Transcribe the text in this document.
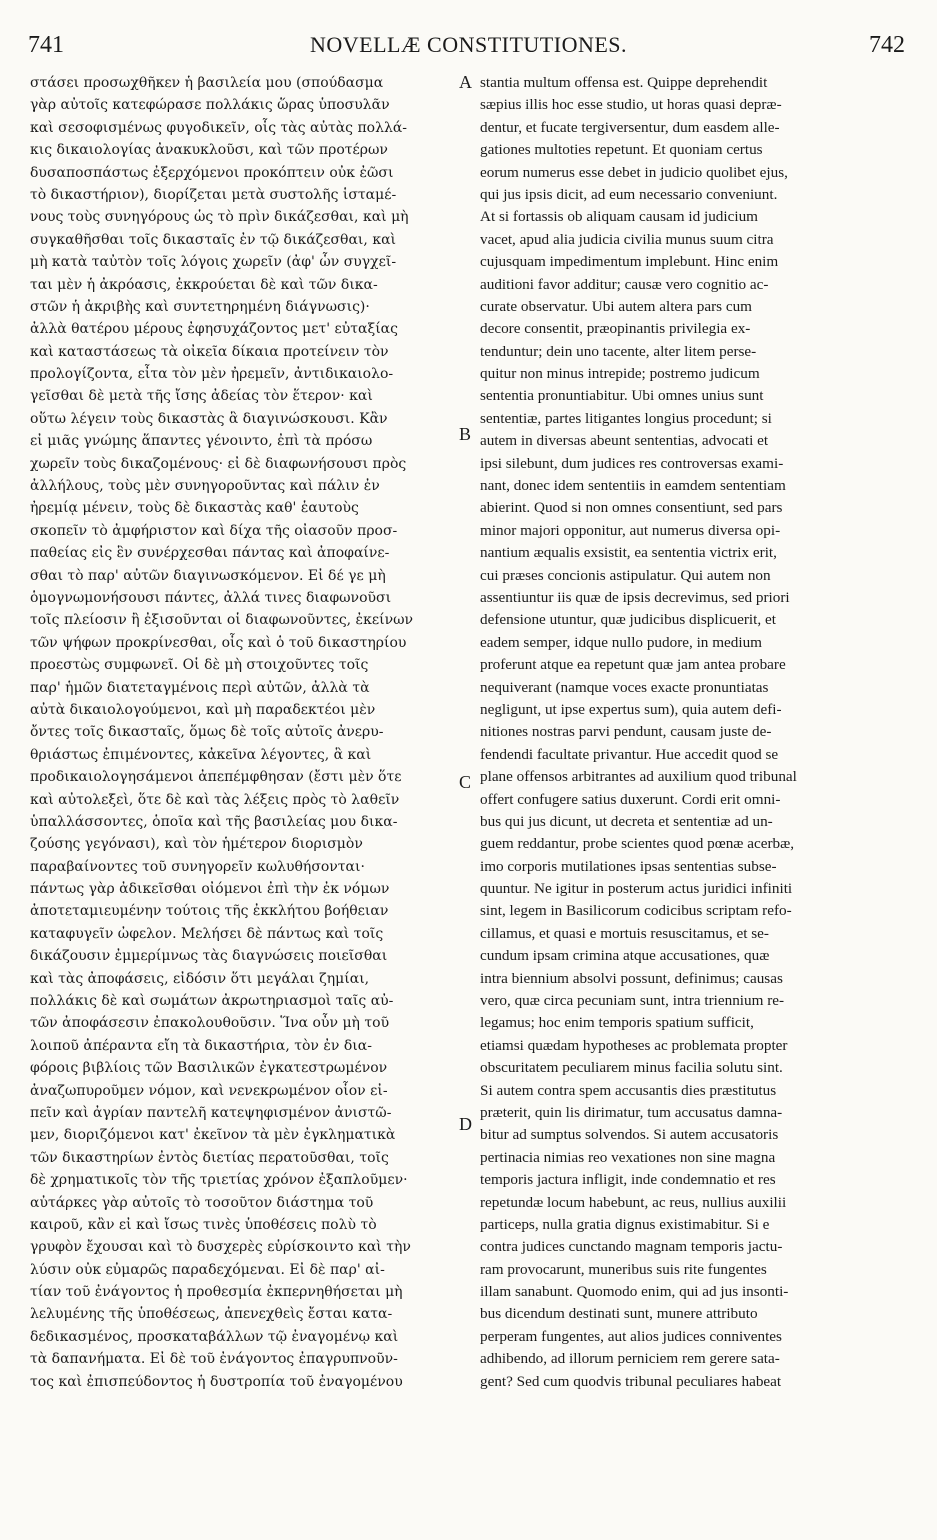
741	NOVELLÆ CONSTITUTIONES.	742
στάσει προσωχθῆκεν ἡ βασιλεία μου (σπούδασμα
γὰρ αὐτοῖς κατεφώρασε πολλάκις ὥρας ὑποσυλᾶν
καὶ σεσοφισμένως φυγοδικεῖν, οἷς τὰς αὐτὰς πολλά-
κις δικαιολογίας ἀνακυκλοῦσι, καὶ τῶν προτέρων
δυσαποσπάστως ἐξερχόμενοι προκόπτειν οὐκ ἐῶσι
τὸ δικαστήριον), διορίζεται μετὰ συστολῆς ἱσταμέ-
νους τοὺς συνηγόρους ὡς τὸ πρὶν δικάζεσθαι, καὶ μὴ
συγκαθῆσθαι τοῖς δικασταῖς ἐν τῷ δικάζεσθαι, καὶ
μὴ κατὰ ταὐτὸν τοῖς λόγοις χωρεῖν (ἀφ' ὧν συγχεῖ-
ται μὲν ἡ ἀκρόασις, ἐκκρούεται δὲ καὶ τῶν δικα-
στῶν ἡ ἀκριβὴς καὶ συντετηρημένη διάγνωσις)·
ἀλλὰ θατέρου μέρους ἐφησυχάζοντος μετ' εὐταξίας
καὶ καταστάσεως τὰ οἰκεῖα δίκαια προτείνειν τὸν
προλογίζοντα, εἶτα τὸν μὲν ἠρεμεῖν, ἀντιδικαιολο-
γεῖσθαι δὲ μετὰ τῆς ἴσης ἀδείας τὸν ἕτερον· καὶ
οὕτω λέγειν τοὺς δικαστὰς ἃ διαγινώσκουσι. Κἂν
εἰ μιᾶς γνώμης ἅπαντες γένοιντο, ἐπὶ τὰ πρόσω
χωρεῖν τοὺς δικαζομένους· εἰ δὲ διαφωνήσουσι πρὸς
ἀλλήλους, τοὺς μὲν συνηγοροῦντας καὶ πάλιν ἐν
ἠρεμίᾳ μένειν, τοὺς δὲ δικαστὰς καθ' ἑαυτοὺς
σκοπεῖν τὸ ἀμφήριστον καὶ δίχα τῆς οἰασοῦν προσ-
παθείας εἰς ἓν συνέρχεσθαι πάντας καὶ ἀποφαίνε-
σθαι τὸ παρ' αὐτῶν διαγινωσκόμενον. Εἰ δέ γε μὴ
ὁμογνωμονήσουσι πάντες, ἀλλά τινες διαφωνοῦσι
τοῖς πλείοσιν ἢ ἐξισοῦνται οἱ διαφωνοῦντες, ἐκείνων
τῶν ψήφων προκρίνεσθαι, οἷς καὶ ὁ τοῦ δικαστηρίου
προεστὼς συμφωνεῖ. Οἱ δὲ μὴ στοιχοῦντες τοῖς
παρ' ἡμῶν διατεταγμένοις περὶ αὐτῶν, ἀλλὰ τὰ
αὐτὰ δικαιολογούμενοι, καὶ μὴ παραδεκτέοι μὲν
ὄντες τοῖς δικασταῖς, ὅμως δὲ τοῖς αὐτοῖς ἀνερυ-
θριάστως ἐπιμένοντες, κἀκεῖνα λέγοντες, ἃ καὶ
προδικαιολογησάμενοι ἀπεπέμφθησαν (ἔστι μὲν ὅτε
καὶ αὐτολεξεὶ, ὅτε δὲ καὶ τὰς λέξεις πρὸς τὸ λαθεῖν
ὑπαλλάσσοντες, ὁποῖα καὶ τῆς βασιλείας μου δικα-
ζούσης γεγόνασι), καὶ τὸν ἡμέτερον διορισμὸν
παραβαίνοντες τοῦ συνηγορεῖν κωλυθήσονται·
πάντως γὰρ ἀδικεῖσθαι οἰόμενοι ἐπὶ τὴν ἐκ νόμων
ἀποτεταμιευμένην τούτοις τῆς ἐκκλήτου βοήθειαν
καταφυγεῖν ὠφελον. Μελήσει δὲ πάντως καὶ τοῖς
δικάζουσιν ἐμμερίμνως τὰς διαγνώσεις ποιεῖσθαι
καὶ τὰς ἀποφάσεις, εἰδόσιν ὅτι μεγάλαι ζημίαι,
πολλάκις δὲ καὶ σωμάτων ἀκρωτηριασμοὶ ταῖς αὐ-
τῶν ἀποφάσεσιν ἐπακολουθοῦσιν. Ἵνα οὖν μὴ τοῦ
λοιποῦ ἀπέραντα εἴη τὰ δικαστήρια, τὸν ἐν δια-
φόροις βιβλίοις τῶν Βασιλικῶν ἐγκατεστρωμένον
ἀναζωπυροῦμεν νόμον, καὶ νενεκρωμένον οἷον εἰ-
πεῖν καὶ ἀγρίαν παντελῆ κατεψηφισμένον ἀνιστῶ-
μεν, διοριζόμενοι κατ' ἐκεῖνον τὰ μὲν ἐγκληματικὰ
τῶν δικαστηρίων ἐντὸς διετίας περατοῦσθαι, τοῖς
δὲ χρηματικοῖς τὸν τῆς τριετίας χρόνον ἐξαπλοῦμεν·
αὐτάρκες γὰρ αὐτοῖς τὸ τοσοῦτον διάστημα τοῦ
καιροῦ, κἂν εἰ καὶ ἴσως τινὲς ὑποθέσεις πολὺ τὸ
γρυφὸν ἔχουσαι καὶ τὸ δυσχερὲς εὑρίσκοιντο καὶ τὴν
λύσιν οὐκ εὐμαρῶς παραδεχόμεναι. Εἰ δὲ παρ' αἰ-
τίαν τοῦ ἐνάγοντος ἡ προθεσμία ἐκπερνηθήσεται μὴ
λελυμένης τῆς ὑποθέσεως, ἀπενεχθεὶς ἔσται κατα-
δεδικασμένος, προσκαταβάλλων τῷ ἐναγομένῳ καὶ
τὰ δαπανήματα. Εἰ δὲ τοῦ ἐνάγοντος ἐπαγρυπνοῦν-
τος καὶ ἐπισπεύδοντος ἡ δυστροπία τοῦ ἐναγομένου
A
B
C
D
stantia multum offensa est. Quippe deprehendit
sæpius illis hoc esse studio, ut horas quasi depræ-
dentur, et fucate tergiversentur, dum easdem alle-
gationes multoties repetunt. Et quoniam certus
eorum numerus esse debet in judicio quolibet ejus,
qui jus ipsis dicit, ad eum necessario conveniunt.
At si fortassis ob aliquam causam id judicium
vacet, apud alia judicia civilia munus suum citra
cujusquam impedimentum implebunt. Hinc enim
auditioni favor additur; causæ vero cognitio ac-
curate observatur. Ubi autem altera pars cum
decore consentit, præopinantis privilegia ex-
tenduntur; dein uno tacente, alter litem perse-
quitur non minus intrepide; postremo judicum
sententia pronuntiabitur. Ubi omnes unius sunt
sententiæ, partes litigantes longius procedunt; si
autem in diversas abeunt sententias, advocati et
ipsi silebunt, dum judices res controversas exami-
nant, donec idem sententiis in eamdem sententiam
abierint. Quod si non omnes consentiunt, sed pars
minor majori opponitur, aut numerus diversa opi-
nantium æqualis exsistit, ea sententia victrix erit,
cui præses concionis astipulatur. Qui autem non
assentiuntur iis quæ de ipsis decrevimus, sed priori
defensione utuntur, quæ judicibus displicuerit, et
eadem semper, idque nullo pudore, in medium
proferunt atque ea repetunt quæ jam antea probare
nequiverant (namque voces exacte pronuntiatas
negligunt, ut ipse expertus sum), quia autem defi-
nitiones nostras parvi pendunt, causam juste de-
fendendi facultate privantur. Hue accedit quod se
plane offensos arbitrantes ad auxilium quod tribunal
offert confugere satius duxerunt. Cordi erit omni-
bus qui jus dicunt, ut decreta et sententiæ ad un-
guem reddantur, probe scientes quod pœnæ acerbæ,
imo corporis mutilationes ipsas sententias subse-
quuntur. Ne igitur in posterum actus juridici infiniti
sint, legem in Basilicorum codicibus scriptam refo-
cillamus, et quasi e mortuis resuscitamus, et se-
cundum ipsam crimina atque accusationes, quæ
intra biennium absolvi possunt, definimus; causas
vero, quæ circa pecuniam sunt, intra triennium re-
legamus; hoc enim temporis spatium sufficit,
etiamsi quædam hypotheses ac problemata propter
obscuritatem peculiarem minus facilia solutu sint.
Si autem contra spem accusantis dies præstitutus
præterit, quin lis dirimatur, tum accusatus damna-
bitur ad sumptus solvendos. Si autem accusatoris
pertinacia nimias reo vexationes non sine magna
temporis jactura infligit, inde condemnatio et res
repetundæ locum habebunt, ac reus, nullius auxilii
particeps, nulla gratia dignus existimabitur. Si e
contra judices cunctando magnam temporis jactu-
ram provocarunt, muneribus suis rite fungentes
illam sanabunt. Quomodo enim, qui ad jus insonti-
bus dicendum destinati sunt, munere attributo
perperam fungentes, aut alios judices conniventes
adhibendo, ad illorum perniciem rem gerere sata-
gent? Sed cum quodvis tribunal peculiares habeat
